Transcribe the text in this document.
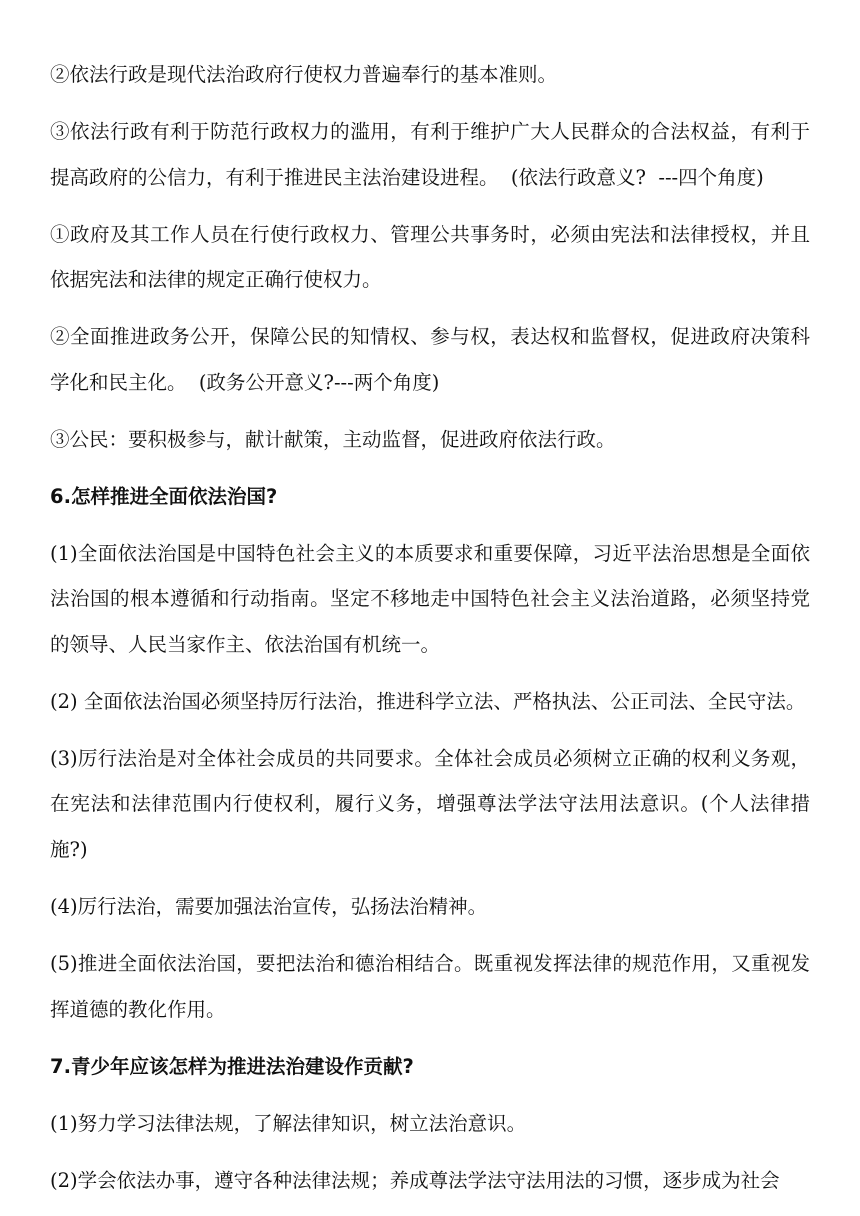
②依法行政是现代法治政府行使权力普遍奉行的基本准则。

③依法行政有利于防范行政权力的滥用，有利于维护广大人民群众的合法权益，有利于提高政府的公信力，有利于推进民主法治建设进程。  (依法行政意义?  ---四个角度)

①政府及其工作人员在行使行政权力、管理公共事务时，必须由宪法和法律授权，并且依据宪法和法律的规定正确行使权力。

②全面推进政务公开，保障公民的知情权、参与权，表达权和监督权，促进政府决策科学化和民主化。  (政务公开意义?---两个角度)

③公民：要积极参与，献计献策，主动监督，促进政府依法行政。

6.怎样推进全面依法治国?

(1)全面依法治国是中国特色社会主义的本质要求和重要保障，习近平法治思想是全面依法治国的根本遵循和行动指南。坚定不移地走中国特色社会主义法治道路，必须坚持党的领导、人民当家作主、依法治国有机统一。

(2) 全面依法治国必须坚持厉行法治，推进科学立法、严格执法、公正司法、全民守法。

(3)厉行法治是对全体社会成员的共同要求。全体社会成员必须树立正确的权利义务观，在宪法和法律范围内行使权利，履行义务，增强尊法学法守法用法意识。(个人法律措施?)

(4)厉行法治，需要加强法治宣传，弘扬法治精神。

(5)推进全面依法治国，要把法治和德治相结合。既重视发挥法律的规范作用，又重视发挥道德的教化作用。

7.青少年应该怎样为推进法治建设作贡献?

(1)努力学习法律法规，了解法律知识，树立法治意识。

(2)学会依法办事，遵守各种法律法规；养成尊法学法守法用法的习惯，逐步成为社会
